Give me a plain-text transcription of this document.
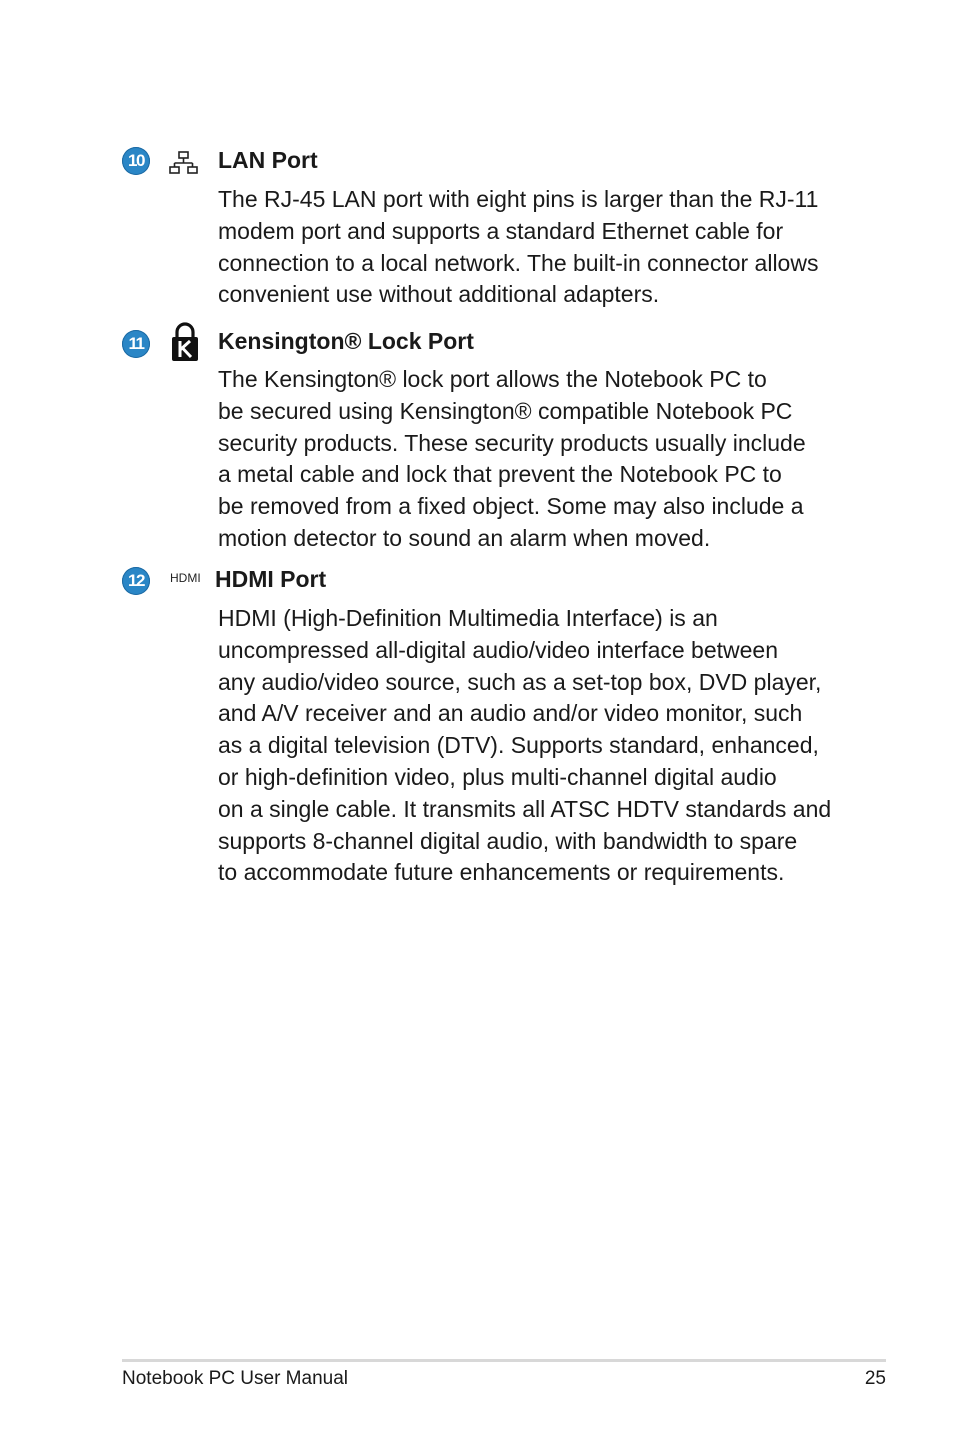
10	LAN Port
The RJ-45 LAN port with eight pins is larger than the RJ-11
modem port and supports a standard Ethernet cable for
connection to a local network. The built-in connector allows
convenient use without additional adapters.
11	Kensington® Lock Port
The Kensington® lock port allows the Notebook PC to
be secured using Kensington® compatible Notebook PC
security products. These security products usually include
a metal cable and lock that prevent the Notebook PC to
be removed from a fixed object. Some may also include a
motion detector to sound an alarm when moved.
12	HDMI HDMI Port
HDMI (High-Definition Multimedia Interface) is an
uncompressed all-digital audio/video interface between
any audio/video source, such as a set-top box, DVD player,
and A/V receiver and an audio and/or video monitor, such
as a digital television (DTV). Supports standard, enhanced,
or high-definition video, plus multi-channel digital audio
on a single cable. It transmits all ATSC HDTV standards and
supports 8-channel digital audio, with bandwidth to spare
to accommodate future enhancements or requirements.
Notebook PC User Manual	25
